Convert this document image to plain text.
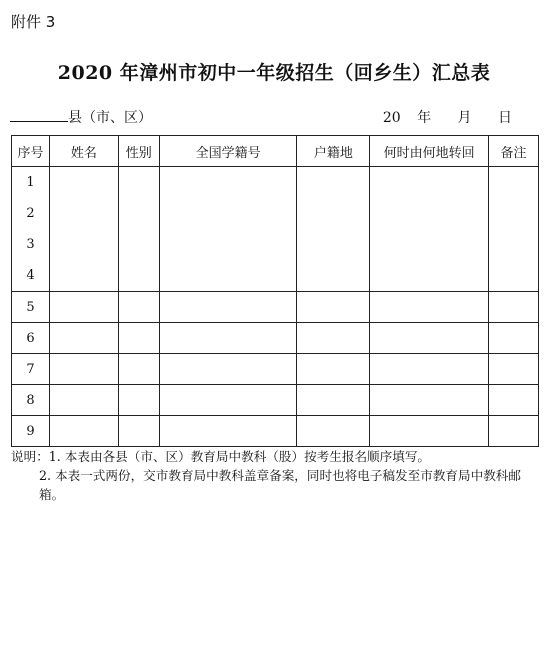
附件 3
2020 年漳州市初中一年级招生（回乡生）汇总表
县（市、区）	20 年 月 日
序号	姓名	性别	全国学籍号	户籍地	何时由何地转回	备注
1						
2						
3						
4						
5						
6						
7						
8						
9						
说明：1. 本表由各县（市、区）教育局中教科（股）按考生报名顺序填写。
2. 本表一式两份，交市教育局中教科盖章备案，同时也将电子稿发至市教育局中教科邮箱。
